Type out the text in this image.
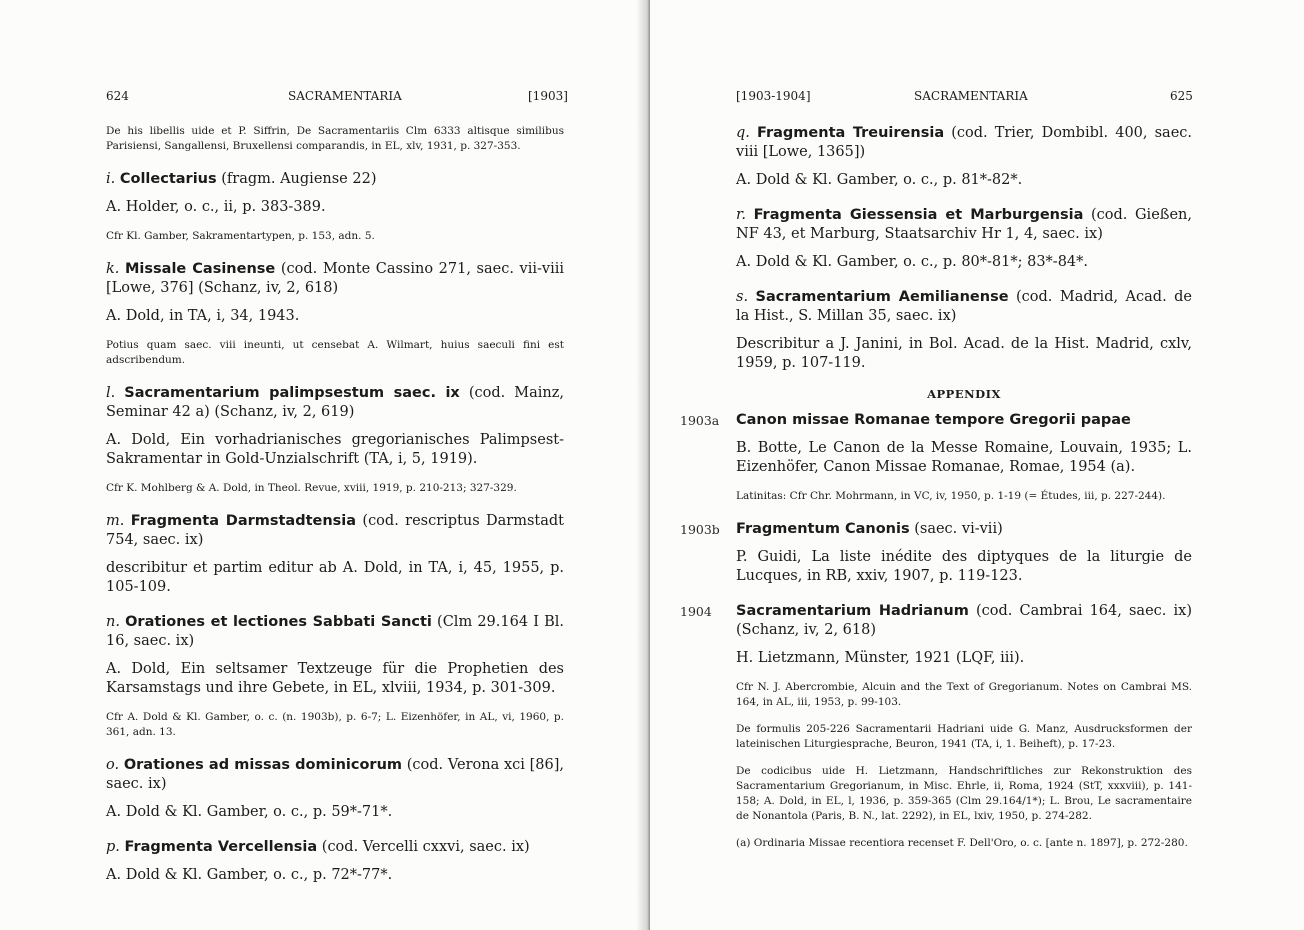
624	SACRAMENTARIA	[1903]

De his libellis uide et P. Siffrin, De Sacramentariis Clm 6333 altisque similibus Parisiensi, Sangallensi, Bruxellensi comparandis, in EL, xlv, 1931, p. 327-353.

i. Collectarius (fragm. Augiense 22)

A. Holder, o. c., ii, p. 383-389.

Cfr Kl. Gamber, Sakramentartypen, p. 153, adn. 5.

k. Missale Casinense (cod. Monte Cassino 271, saec. vii-viii [Lowe, 376] (Schanz, iv, 2, 618)

A. Dold, in TA, i, 34, 1943.

Potius quam saec. viii ineunti, ut censebat A. Wilmart, huius saeculi fini est adscribendum.

l. Sacramentarium palimpsestum saec. ix (cod. Mainz, Seminar 42 a) (Schanz, iv, 2, 619)

A. Dold, Ein vorhadrianisches gregorianisches Palimpsest-Sakramentar in Gold-Unzialschrift (TA, i, 5, 1919).

Cfr K. Mohlberg & A. Dold, in Theol. Revue, xviii, 1919, p. 210-213; 327-329.

m. Fragmenta Darmstadtensia (cod. rescriptus Darmstadt 754, saec. ix)

describitur et partim editur ab A. Dold, in TA, i, 45, 1955, p. 105-109.

n. Orationes et lectiones Sabbati Sancti (Clm 29.164 I Bl. 16, saec. ix)

A. Dold, Ein seltsamer Textzeuge für die Prophetien des Karsamstags und ihre Gebete, in EL, xlviii, 1934, p. 301-309.

Cfr A. Dold & Kl. Gamber, o. c. (n. 1903b), p. 6-7; L. Eizenhöfer, in AL, vi, 1960, p. 361, adn. 13.

o. Orationes ad missas dominicorum (cod. Verona xci [86], saec. ix)

A. Dold & Kl. Gamber, o. c., p. 59*-71*.

p. Fragmenta Vercellensia (cod. Vercelli cxxvi, saec. ix)

A. Dold & Kl. Gamber, o. c., p. 72*-77*.

[1903-1904]	SACRAMENTARIA	625

q. Fragmenta Treuirensia (cod. Trier, Dombibl. 400, saec. viii [Lowe, 1365])

A. Dold & Kl. Gamber, o. c., p. 81*-82*.

r. Fragmenta Giessensia et Marburgensia (cod. Gießen, NF 43, et Marburg, Staatsarchiv Hr 1, 4, saec. ix)

A. Dold & Kl. Gamber, o. c., p. 80*-81*; 83*-84*.

s. Sacramentarium Aemilianense (cod. Madrid, Acad. de la Hist., S. Millan 35, saec. ix)

Describitur a J. Janini, in Bol. Acad. de la Hist. Madrid, cxlv, 1959, p. 107-119.

APPENDIX

1903a Canon missae Romanae tempore Gregorii papae

B. Botte, Le Canon de la Messe Romaine, Louvain, 1935; L. Eizenhöfer, Canon Missae Romanae, Romae, 1954 (a).

Latinitas: Cfr Chr. Mohrmann, in VC, iv, 1950, p. 1-19 (= Études, iii, p. 227-244).

1903b Fragmentum Canonis (saec. vi-vii)

P. Guidi, La liste inédite des diptyques de la liturgie de Lucques, in RB, xxiv, 1907, p. 119-123.

1904 Sacramentarium Hadrianum (cod. Cambrai 164, saec. ix) (Schanz, iv, 2, 618)

H. Lietzmann, Münster, 1921 (LQF, iii).

Cfr N. J. Abercrombie, Alcuin and the Text of Gregorianum. Notes on Cambrai MS. 164, in AL, iii, 1953, p. 99-103.

De formulis 205-226 Sacramentarii Hadriani uide G. Manz, Ausdrucksformen der lateinischen Liturgiesprache, Beuron, 1941 (TA, i, 1. Beiheft), p. 17-23.

De codicibus uide H. Lietzmann, Handschriftliches zur Rekonstruktion des Sacramentarium Gregorianum, in Misc. Ehrle, ii, Roma, 1924 (StT, xxxviii), p. 141-158; A. Dold, in EL, l, 1936, p. 359-365 (Clm 29.164/1*); L. Brou, Le sacramentaire de Nonantola (Paris, B. N., lat. 2292), in EL, lxiv, 1950, p. 274-282.

(a) Ordinaria Missae recentiora recenset F. Dell'Oro, o. c. [ante n. 1897], p. 272-280.
